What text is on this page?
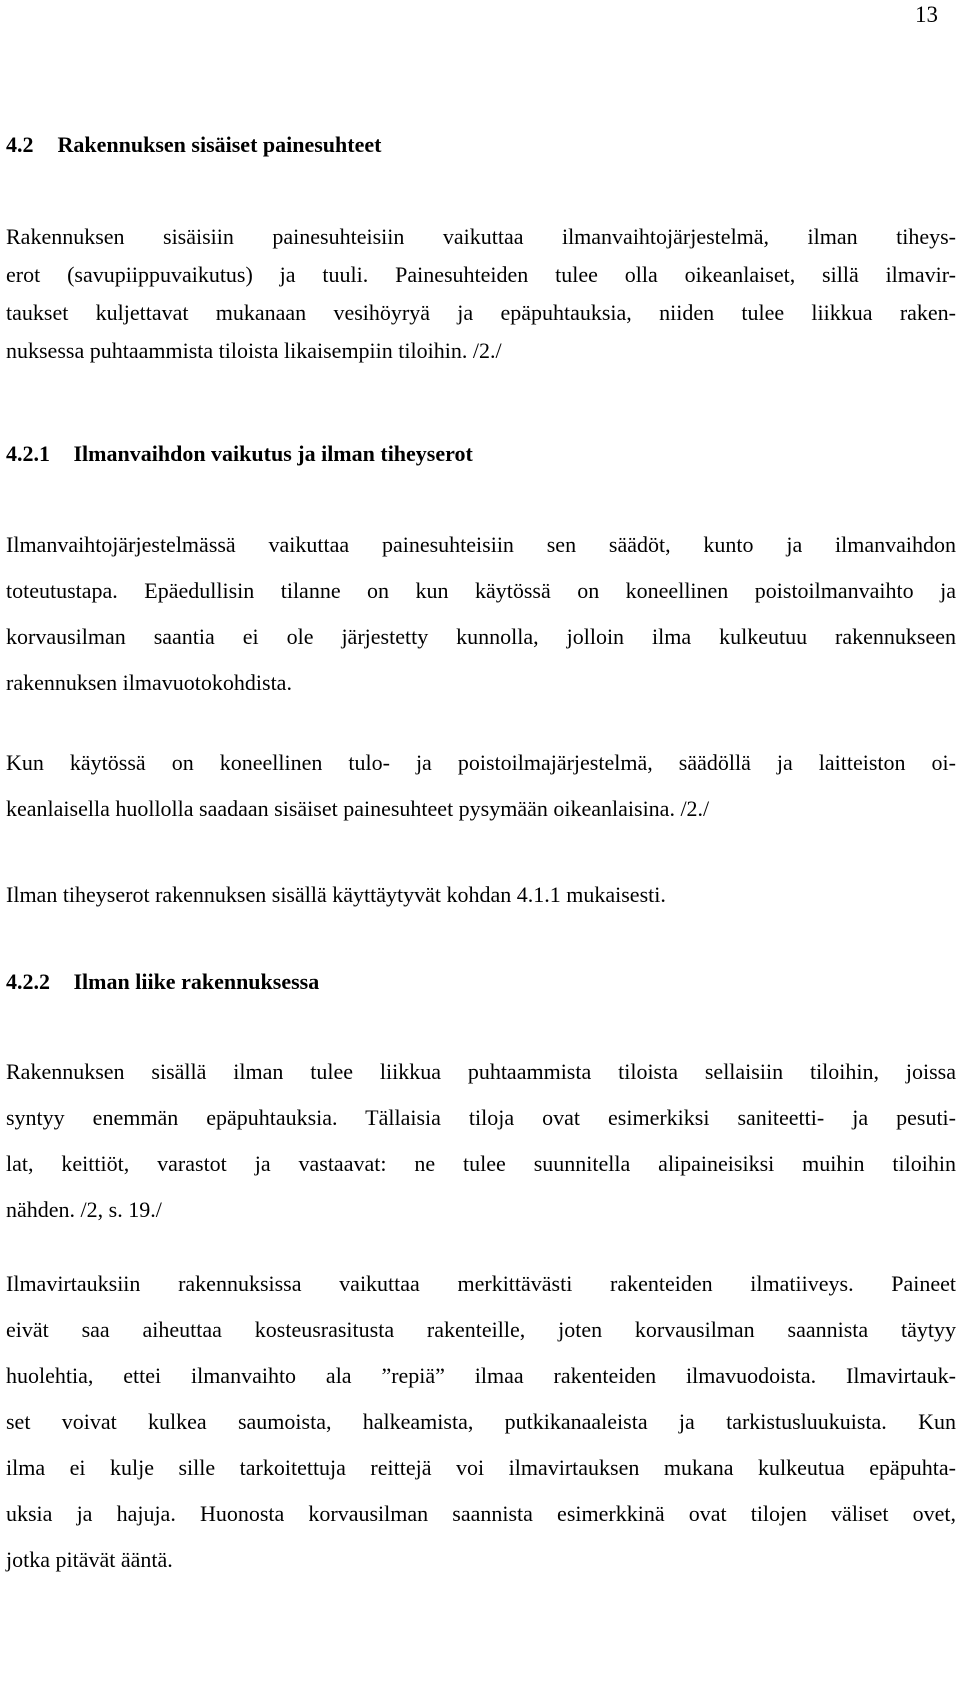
13
4.2 Rakennuksen sisäiset painesuhteet
Rakennuksen sisäisiin painesuhteisiin vaikuttaa ilmanvaihtojärjestelmä, ilman tiheys-
erot (savupiippuvaikutus) ja tuuli. Painesuhteiden tulee olla oikeanlaiset, sillä ilmavir-
taukset kuljettavat mukanaan vesihöyryä ja epäpuhtauksia, niiden tulee liikkua raken-
nuksessa puhtaammista tiloista likaisempiin tiloihin. /2./
4.2.1 Ilmanvaihdon vaikutus ja ilman tiheyserot
Ilmanvaihtojärjestelmässä vaikuttaa painesuhteisiin sen säädöt, kunto ja ilmanvaihdon
toteutustapa. Epäedullisin tilanne on kun käytössä on koneellinen poistoilmanvaihto ja
korvausilman saantia ei ole järjestetty kunnolla, jolloin ilma kulkeutuu rakennukseen
rakennuksen ilmavuotokohdista.
Kun käytössä on koneellinen tulo- ja poistoilmajärjestelmä, säädöllä ja laitteiston oi-
keanlaisella huollolla saadaan sisäiset painesuhteet pysymään oikeanlaisina. /2./
Ilman tiheyserot rakennuksen sisällä käyttäytyvät kohdan 4.1.1 mukaisesti.
4.2.2 Ilman liike rakennuksessa
Rakennuksen sisällä ilman tulee liikkua puhtaammista tiloista sellaisiin tiloihin, joissa
syntyy enemmän epäpuhtauksia. Tällaisia tiloja ovat esimerkiksi saniteetti- ja pesuti-
lat, keittiöt, varastot ja vastaavat: ne tulee suunnitella alipaineisiksi muihin tiloihin
nähden. /2, s. 19./
Ilmavirtauksiin rakennuksissa vaikuttaa merkittävästi rakenteiden ilmatiiveys. Paineet
eivät saa aiheuttaa kosteusrasitusta rakenteille, joten korvausilman saannista täytyy
huolehtia, ettei ilmanvaihto ala ”repiä” ilmaa rakenteiden ilmavuodoista. Ilmavirtauk-
set voivat kulkea saumoista, halkeamista, putkikanaaleista ja tarkistusluukuista. Kun
ilma ei kulje sille tarkoitettuja reittejä voi ilmavirtauksen mukana kulkeutua epäpuhta-
uksia ja hajuja. Huonosta korvausilman saannista esimerkkinä ovat tilojen väliset ovet,
jotka pitävät ääntä.
